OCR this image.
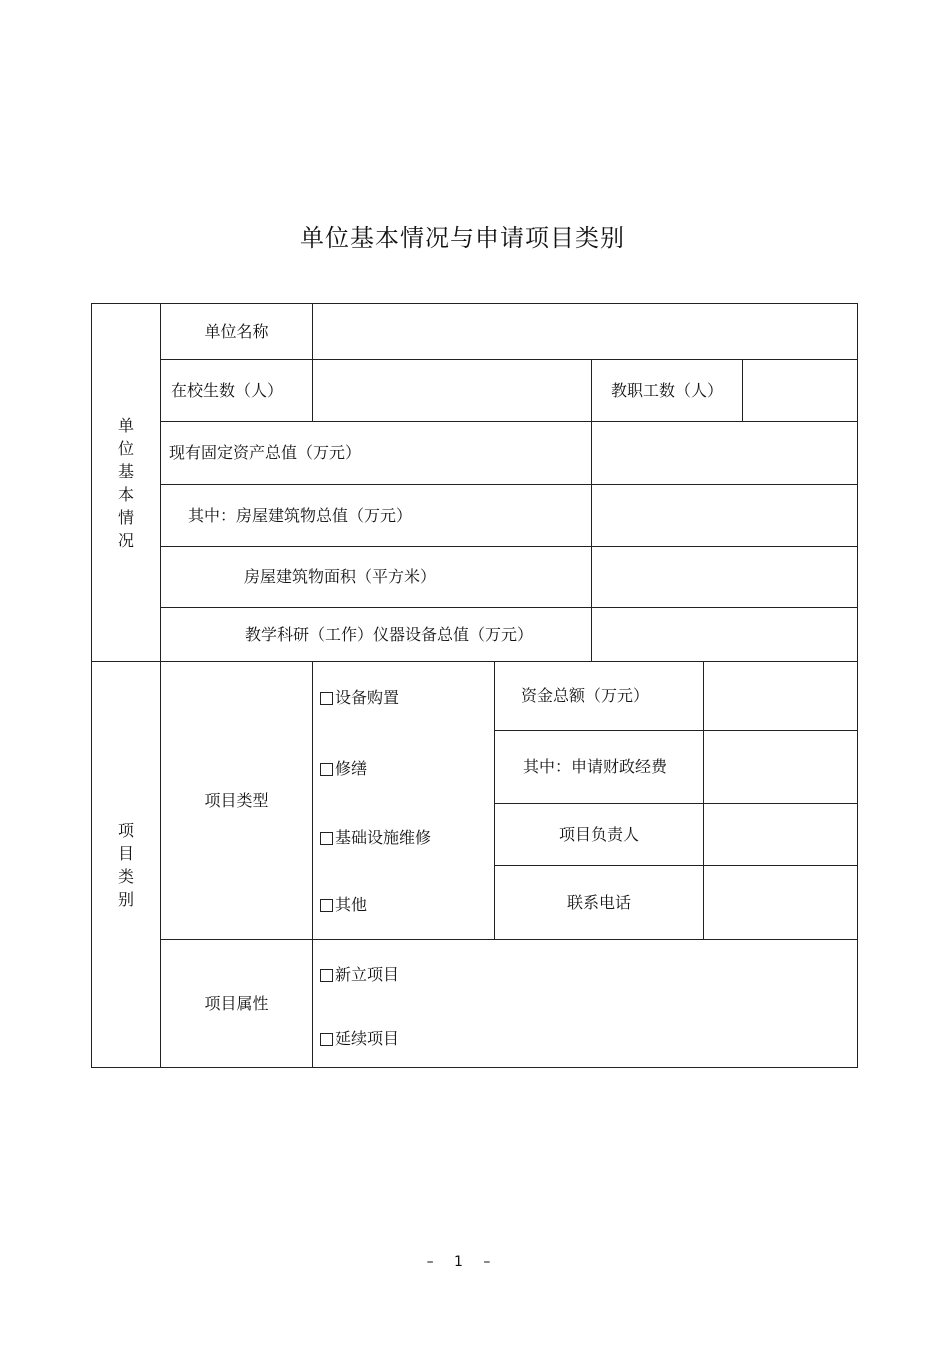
单位基本情况与申请项目类别
单
位
基
本
情
况
单位名称
在校生数（人）	教职工数（人）
现有固定资产总值（万元）
其中：房屋建筑物总值（万元）
房屋建筑物面积（平方米）
教学科研（工作）仪器设备总值（万元）
项
目
类
别
项目类型
设备购置
修缮
基础设施维修
其他
资金总额（万元）
其中：申请财政经费
项目负责人
联系电话
项目属性
新立项目
延续项目
– 1 –
